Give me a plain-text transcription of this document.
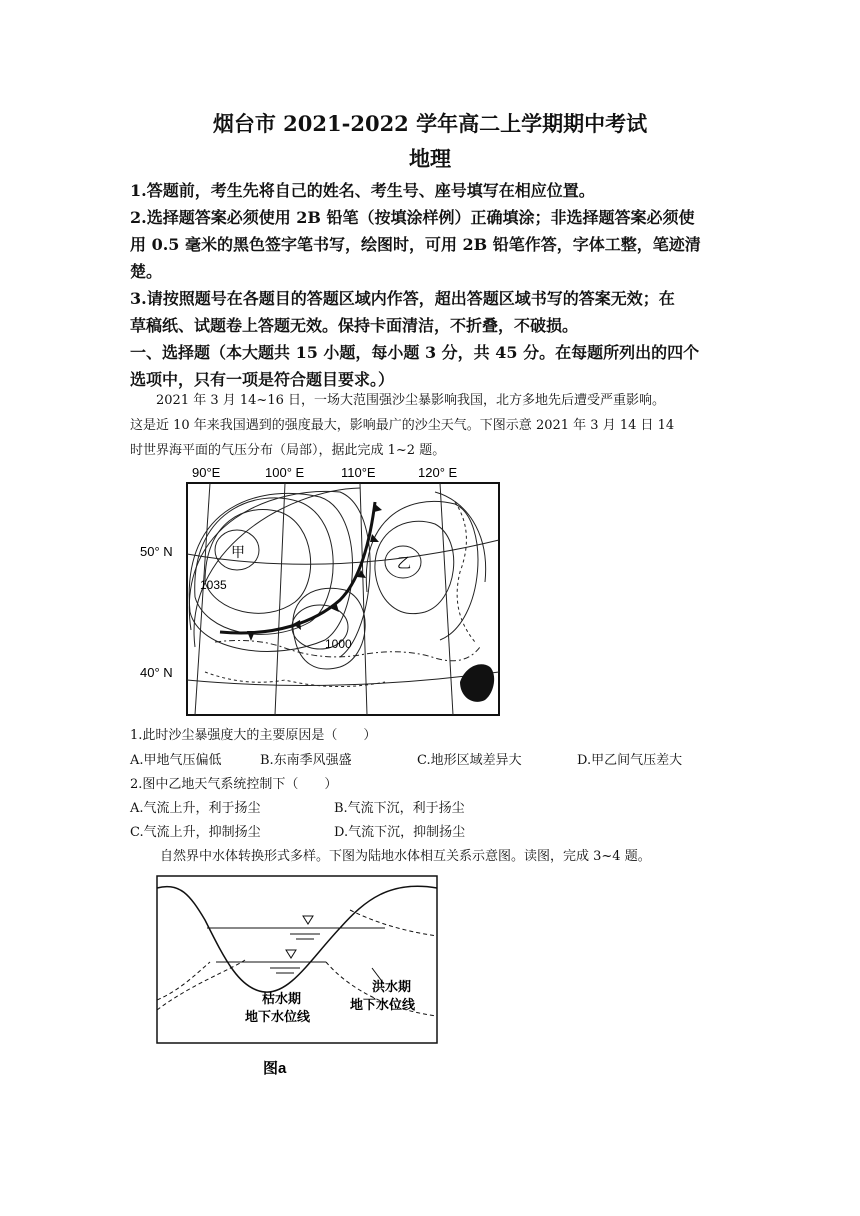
烟台市 2021-2022 学年高二上学期期中考试
地理
1.答题前，考生先将自己的姓名、考生号、座号填写在相应位置。
2.选择题答案必须使用 2B 铅笔（按填涂样例）正确填涂；非选择题答案必须使
用 0.5 毫米的黑色签字笔书写，绘图时，可用 2B 铅笔作答，字体工整，笔迹清
楚。
3.请按照题号在各题目的答题区域内作答，超出答题区域书写的答案无效；在
草稿纸、试题卷上答题无效。保持卡面清洁，不折叠，不破损。
一、选择题（本大题共 15 小题，每小题 3 分，共 45 分。在每题所列出的四个
选项中，只有一项是符合题目要求。）
2021 年 3 月 14~16 日，一场大范围强沙尘暴影响我国，北方多地先后遭受严重影响。
这是近 10 年来我国遇到的强度最大，影响最广的沙尘天气。下图示意 2021 年 3 月 14 日 14
时世界海平面的气压分布（局部），据此完成 1~2 题。
90°E	100° E	110°E	120° E
50° N
40° N
甲
乙
1035
1000
1.此时沙尘暴强度大的主要原因是（　　）
A.甲地气压偏低	B.东南季风强盛	C.地形区域差异大	D.甲乙间气压差大
2.图中乙地天气系统控制下（　　）
A.气流上升，利于扬尘	B.气流下沉，利于扬尘
C.气流上升，抑制扬尘	D.气流下沉，抑制扬尘
自然界中水体转换形式多样。下图为陆地水体相互关系示意图。读图，完成 3~4 题。
枯水期
地下水位线
洪水期
地下水位线
图a
